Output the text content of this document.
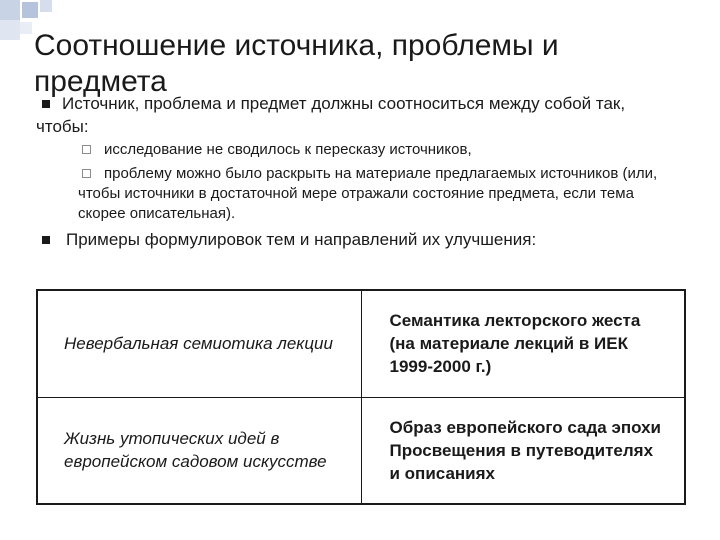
Соотношение источника, проблемы и предмета
Источник, проблема и предмет должны соотноситься между собой так, чтобы:
исследование не сводилось к пересказу источников,
проблему можно было раскрыть на материале предлагаемых источников (или, чтобы источники в достаточной мере отражали состояние предмета, если тема скорее описательная).
Примеры формулировок тем и направлений их улучшения:
Невербальная семиотика лекции	Семантика лекторского жеста (на материале лекций в ИЕК 1999-2000 г.)
Жизнь утопических идей в европейском садовом искусстве	Образ европейского сада эпохи Просвещения в путеводителях и описаниях
